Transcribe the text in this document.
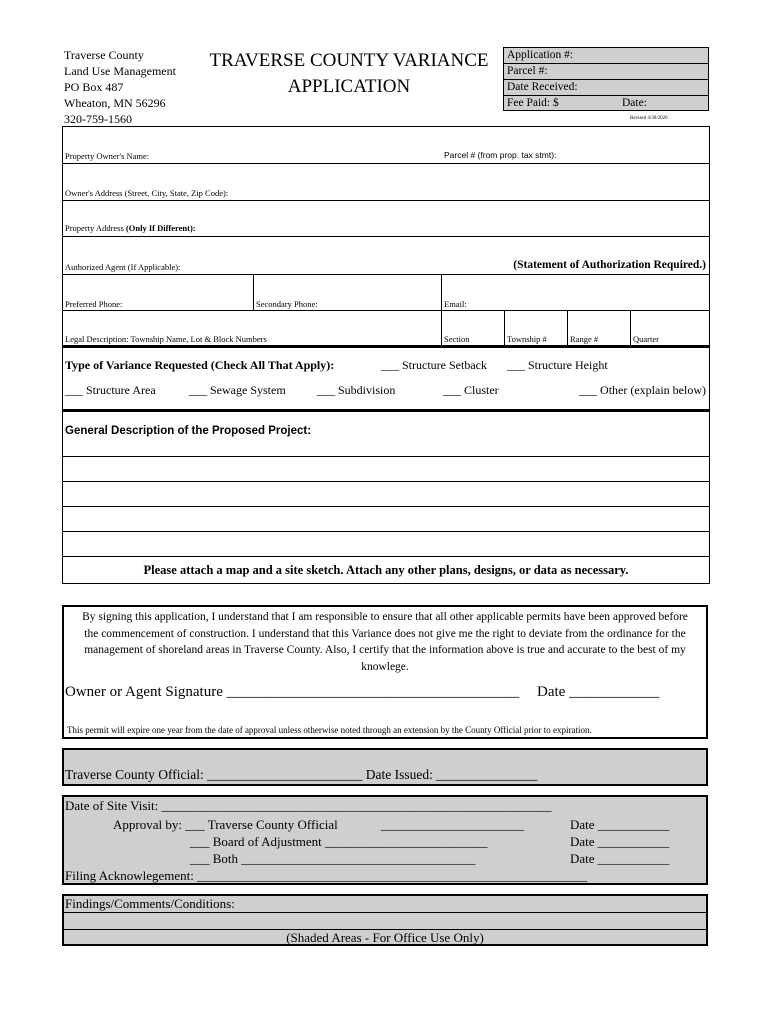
Traverse County
Land Use Management
PO Box 487
Wheaton, MN 56296
320-759-1560
TRAVERSE COUNTY VARIANCE
APPLICATION
Application #:
Parcel #:
Date Received:
Fee Paid: $	Date:
Revised 4/30/2020
Property Owner's Name:	Parcel # (from prop. tax stmt):
Owner's Address (Street, City, State, Zip Code):
Property Address (Only If Different):
Authorized Agent (If Applicable):	(Statement of Authorization Required.)
Preferred Phone:	Secondary Phone:	Email:
Legal Description: Township Name, Lot & Block Numbers	Section	Township #	Range #	Quarter
Type of Variance Requested (Check All That Apply):	___ Structure Setback ___ Structure Height
___ Structure Area	___ Sewage System	___ Subdivision	___ Cluster	___ Other (explain below)
General Description of the Proposed Project:
Please attach a map and a site sketch. Attach any other plans, designs, or data as necessary.
By signing this application, I understand that I am responsible to ensure that all other applicable permits have been approved before the commencement of construction. I understand that this Variance does not give me the right to deviate from the ordinance for the management of shoreland areas in Traverse County. Also, I certify that the information above is true and accurate to the best of my knowlege.
Owner or Agent Signature _______________________________________ Date ____________
This permit will expire one year from the date of approval unless otherwise noted through an extension by the County Official prior to expiration.
Traverse County Official: _______________________ Date Issued: _______________
Date of Site Visit: ____________________________________________________________
Approval by: ___ Traverse County Official	______________________	Date ___________
___ Board of Adjustment _________________________	Date ___________
___ Both ____________________________________	Date ___________
Filing Acknowlegement: ____________________________________________________________
Findings/Comments/Conditions:
(Shaded Areas - For Office Use Only)
